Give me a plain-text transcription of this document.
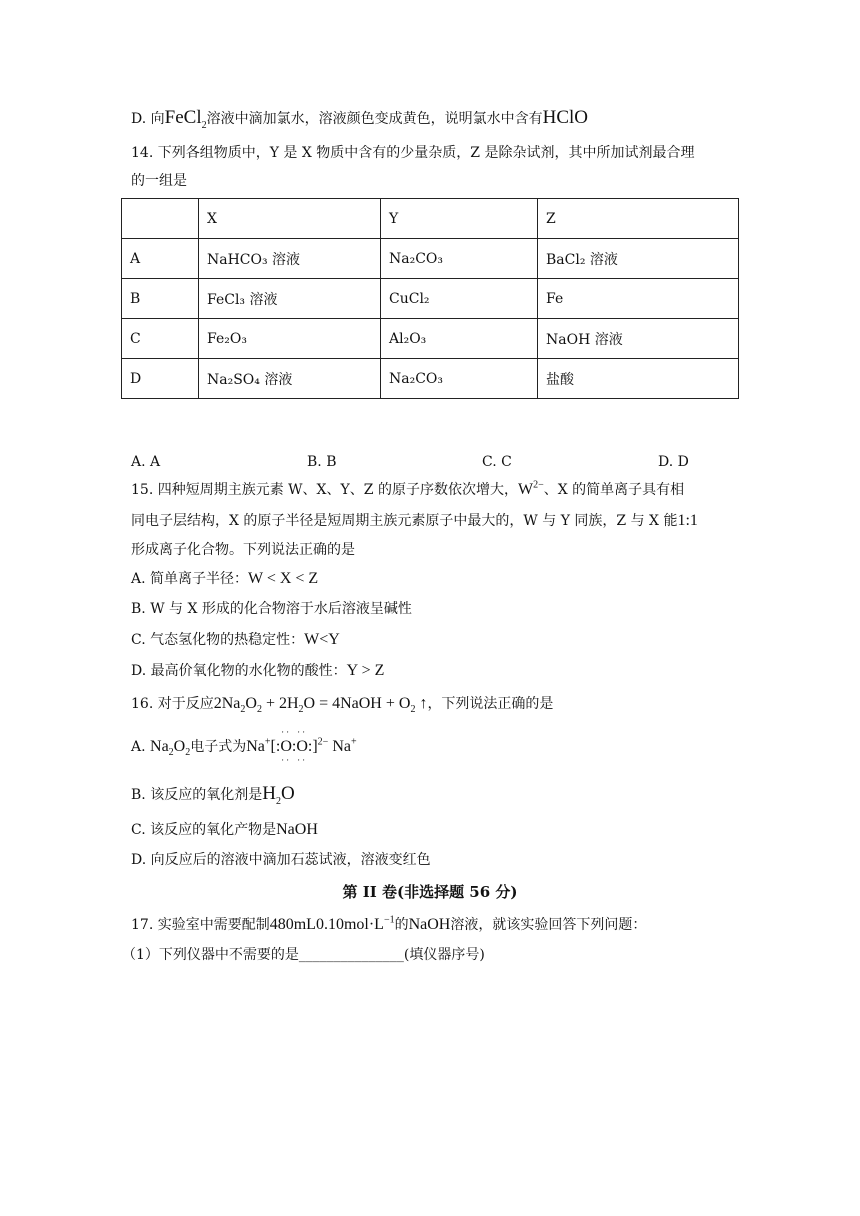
D. 向FeCl$_2$溶液中滴加氯水，溶液颜色变成黄色，说明氯水中含有HClO
14. 下列各组物质中，Y 是 X 物质中含有的少量杂质，Z 是除杂试剂，其中所加试剂最合理
的一组是
	X	Y	Z
A	NaHCO₃ 溶液	Na₂CO₃	BaCl₂ 溶液
B	FeCl₃ 溶液	CuCl₂	Fe
C	Fe₂O₃	Al₂O₃	NaOH 溶液
D	Na₂SO₄ 溶液	Na₂CO₃	盐酸
A. A	B. B	C. C	D. D
15. 四种短周期主族元素 W、X、Y、Z 的原子序数依次增大，$W^{2-}$、X 的简单离子具有相
同电子层结构，X 的原子半径是短周期主族元素原子中最大的，W 与 Y 同族，Z 与 X 能1:1
形成离子化合物。下列说法正确的是
A. 简单离子半径：W < X < Z
B. W 与 X 形成的化合物溶于水后溶液呈碱性
C. 气态氢化物的热稳定性：W<Y
D. 最高价氧化物的水化物的酸性：Y > Z
16. 对于反应$2Na_2O_2 + 2H_2O$ = 4NaOH + $O_2$ ↑，下列说法正确的是
A. $Na_2O_2$电子式为Na+[:
··
O
··
:
··
O
··
:]$^{2-}$ Na+
B. 该反应的氧化剂是$H_2O$
C. 该反应的氧化产物是NaOH
D. 向反应后的溶液中滴加石蕊试液，溶液变红色
第 II 卷(非选择题 56 分)
17. 实验室中需要配制$480mL0.10mol\cdot L^{-1}$的NaOH溶液，就该实验回答下列问题：
（1）下列仪器中不需要的是_______________(填仪器序号)
